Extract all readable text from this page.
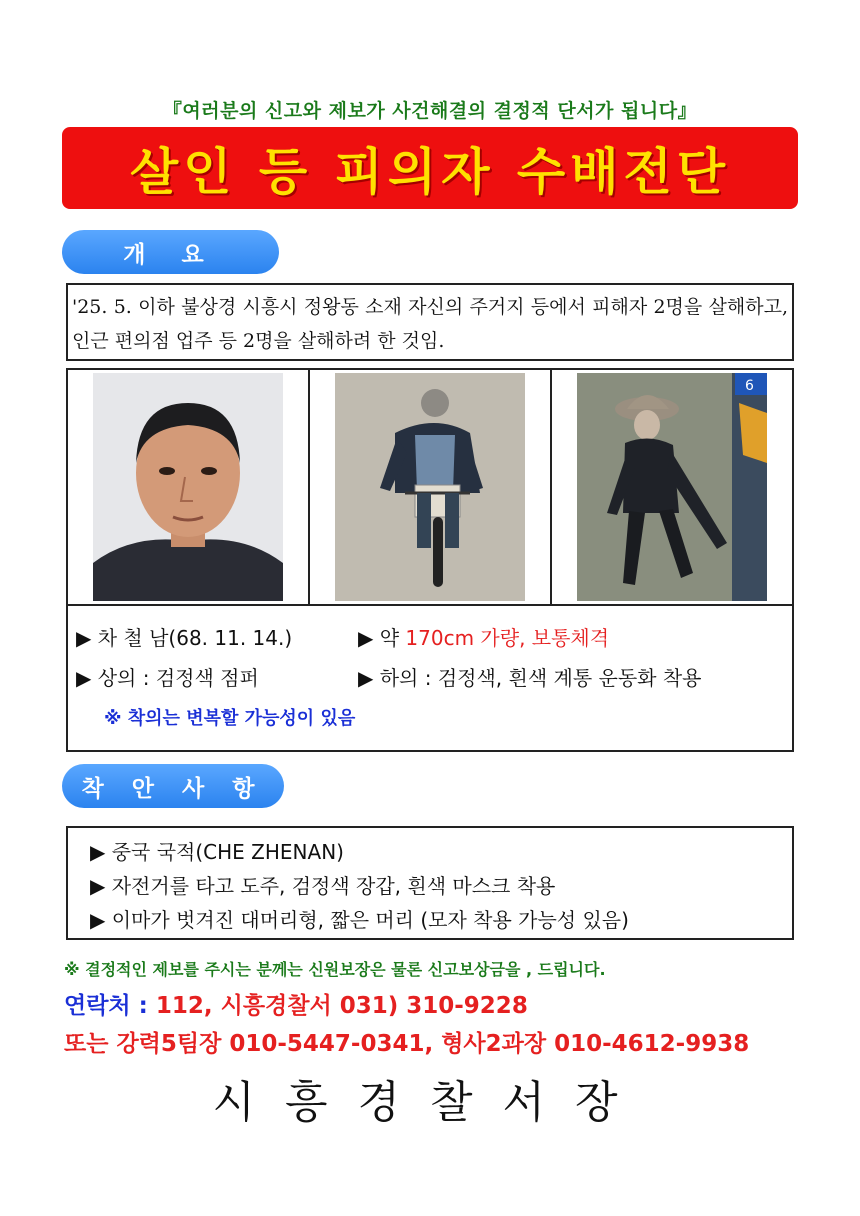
『여러분의 신고와 제보가 사건해결의 결정적 단서가 됩니다』
살인 등 피의자 수배전단
개 요
'25. 5. 이하 불상경 시흥시 정왕동 소재 자신의 주거지 등에서 피해자 2명을 살해하고, 인근 편의점 업주 등 2명을 살해하려 한 것임.
6
▶ 차 철 남(68. 11. 14.)	▶ 약 170cm 가량, 보통체격
▶ 상의 : 검정색 점퍼	▶ 하의 : 검정색, 흰색 계통 운동화 착용
※ 착의는 변복할 가능성이 있음
착 안 사 항
▶ 중국 국적(CHE ZHENAN)
▶ 자전거를 타고 도주, 검정색 장갑, 흰색 마스크 착용
▶ 이마가 벗겨진 대머리형, 짧은 머리 (모자 착용 가능성 있음)
※ 결정적인 제보를 주시는 분께는 신원보장은 물론 신고보상금을 , 드립니다.
연락처 : 112, 시흥경찰서 031) 310-9228
또는 강력5팀장 010-5447-0341, 형사2과장 010-4612-9938
시흥경찰서장
